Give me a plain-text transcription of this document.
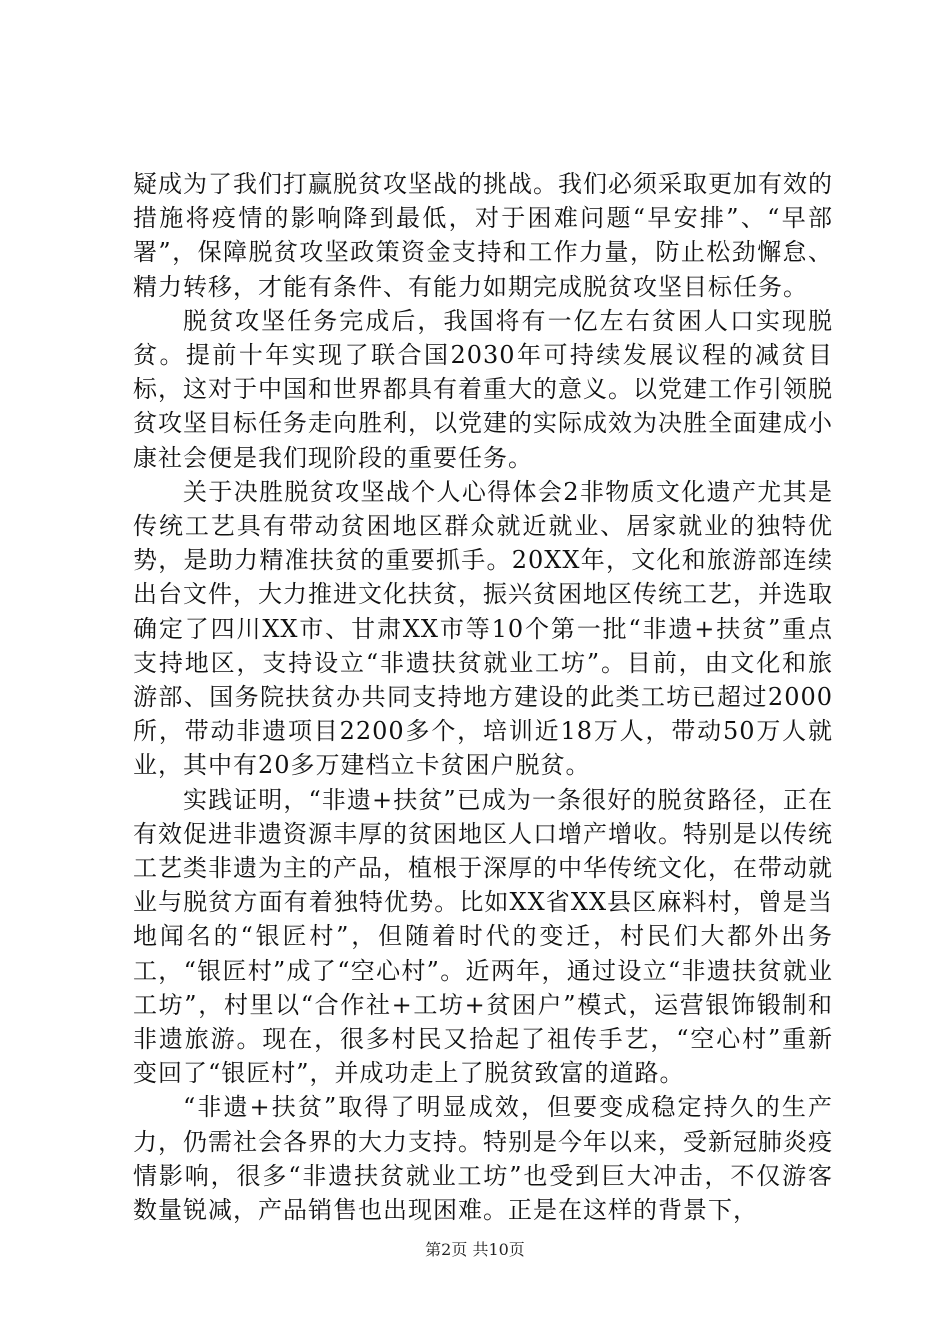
疑成为了我们打赢脱贫攻坚战的挑战。我们必须采取更加有效的措施将疫情的影响降到最低，对于困难问题“早安排”、“早部署”，保障脱贫攻坚政策资金支持和工作力量，防止松劲懈怠、精力转移，才能有条件、有能力如期完成脱贫攻坚目标任务。

脱贫攻坚任务完成后，我国将有一亿左右贫困人口实现脱贫。提前十年实现了联合国2030年可持续发展议程的减贫目标，这对于中国和世界都具有着重大的意义。以党建工作引领脱贫攻坚目标任务走向胜利，以党建的实际成效为决胜全面建成小康社会便是我们现阶段的重要任务。

关于决胜脱贫攻坚战个人心得体会2非物质文化遗产尤其是传统工艺具有带动贫困地区群众就近就业、居家就业的独特优势，是助力精准扶贫的重要抓手。20XX年，文化和旅游部连续出台文件，大力推进文化扶贫，振兴贫困地区传统工艺，并选取确定了四川XX市、甘肃XX市等10个第一批“非遗+扶贫”重点支持地区，支持设立“非遗扶贫就业工坊”。目前，由文化和旅游部、国务院扶贫办共同支持地方建设的此类工坊已超过2000所，带动非遗项目2200多个，培训近18万人，带动50万人就业，其中有20多万建档立卡贫困户脱贫。

实践证明，“非遗+扶贫”已成为一条很好的脱贫路径，正在有效促进非遗资源丰厚的贫困地区人口增产增收。特别是以传统工艺类非遗为主的产品，植根于深厚的中华传统文化，在带动就业与脱贫方面有着独特优势。比如XX省XX县区麻料村，曾是当地闻名的“银匠村”，但随着时代的变迁，村民们大都外出务工，“银匠村”成了“空心村”。近两年，通过设立“非遗扶贫就业工坊”，村里以“合作社+工坊+贫困户”模式，运营银饰锻制和非遗旅游。现在，很多村民又拾起了祖传手艺，“空心村”重新变回了“银匠村”，并成功走上了脱贫致富的道路。

“非遗+扶贫”取得了明显成效，但要变成稳定持久的生产力，仍需社会各界的大力支持。特别是今年以来，受新冠肺炎疫情影响，很多“非遗扶贫就业工坊”也受到巨大冲击，不仅游客数量锐减，产品销售也出现困难。正是在这样的背景下，

第2页 共10页
